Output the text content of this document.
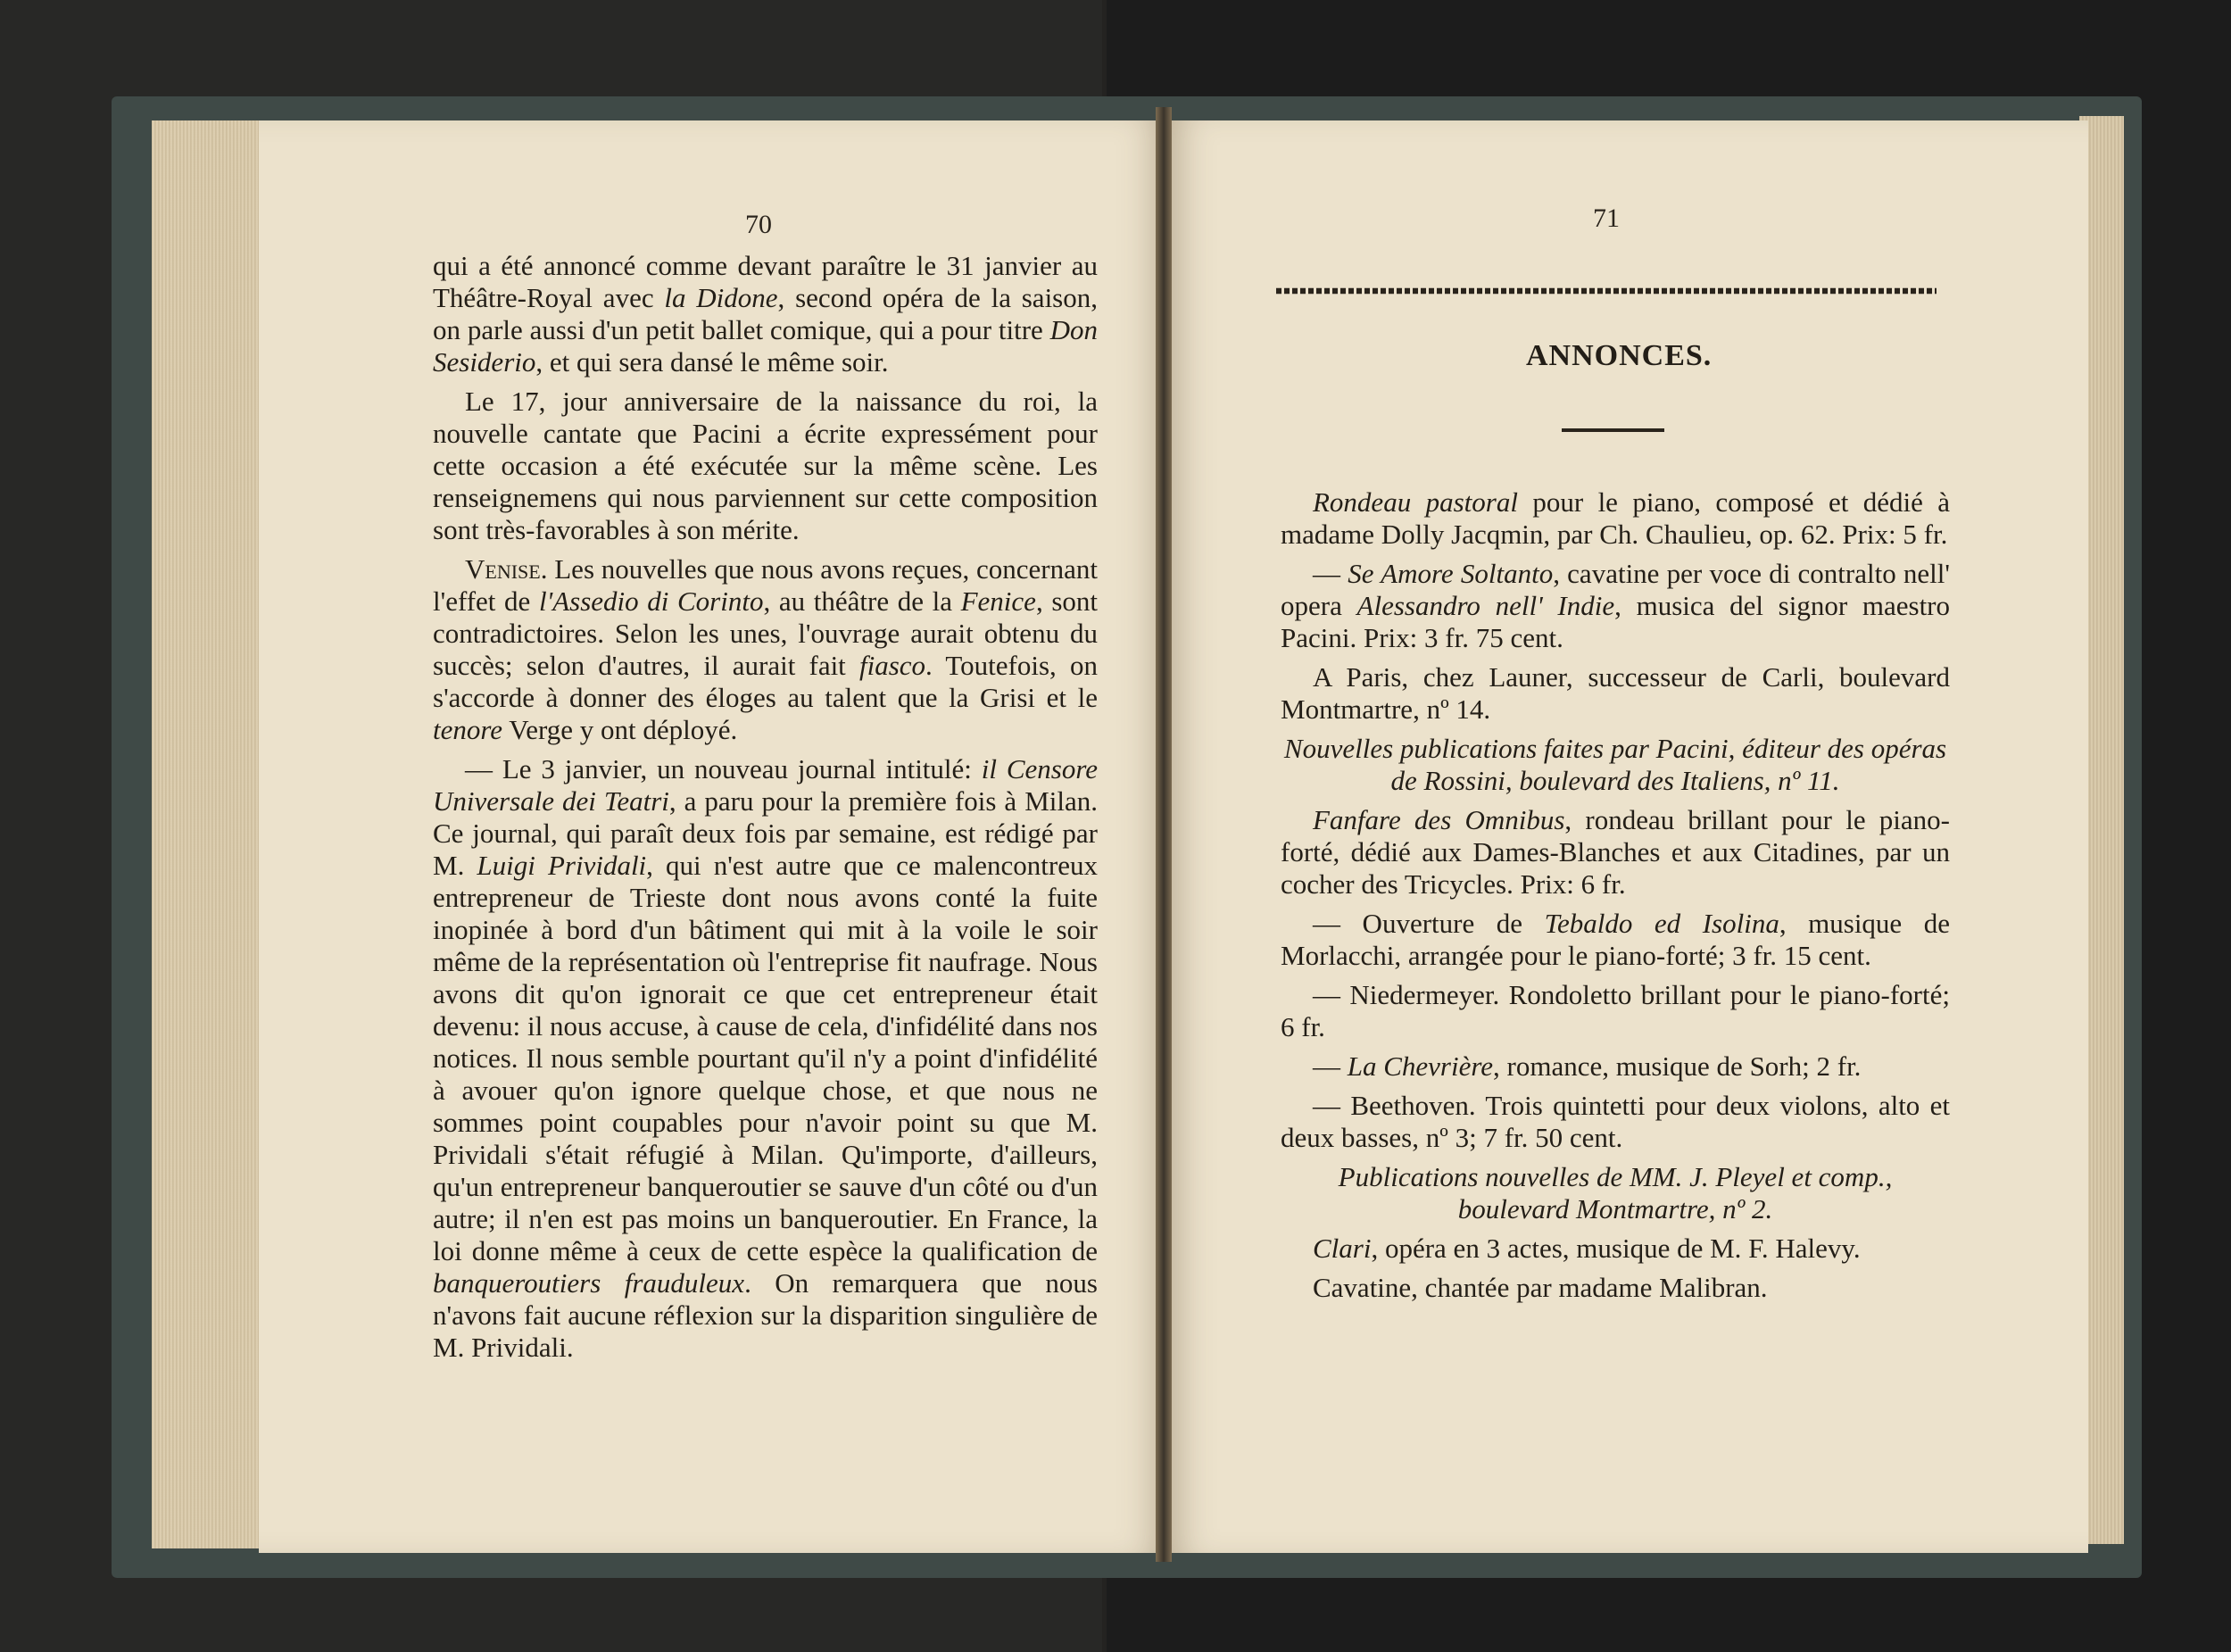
70	71

qui a été annoncé comme devant paraître le 31 janvier au Théâtre-Royal avec la Didone, second opéra de la saison, on parle aussi d'un petit ballet comique, qui a pour titre Don Sesiderio, et qui sera dansé le même soir.

Le 17, jour anniversaire de la naissance du roi, la nouvelle cantate que Pacini a écrite expressément pour cette occasion a été exécutée sur la même scène. Les renseignemens qui nous parviennent sur cette composition sont très-favorables à son mérite.

Venise. Les nouvelles que nous avons reçues, concernant l'effet de l'Assedio di Corinto, au théâtre de la Fenice, sont contradictoires. Selon les unes, l'ouvrage aurait obtenu du succès; selon d'autres, il aurait fait fiasco. Toutefois, on s'accorde à donner des éloges au talent que la Grisi et le tenore Verge y ont déployé.

— Le 3 janvier, un nouveau journal intitulé: il Censore Universale dei Teatri, a paru pour la première fois à Milan. Ce journal, qui paraît deux fois par semaine, est rédigé par M. Luigi Prividali, qui n'est autre que ce malencontreux entrepreneur de Trieste dont nous avons conté la fuite inopinée à bord d'un bâtiment qui mit à la voile le soir même de la représentation où l'entreprise fit naufrage. Nous avons dit qu'on ignorait ce que cet entrepreneur était devenu: il nous accuse, à cause de cela, d'infidélité dans nos notices. Il nous semble pourtant qu'il n'y a point d'infidélité à avouer qu'on ignore quelque chose, et que nous ne sommes point coupables pour n'avoir point su que M. Prividali s'était réfugié à Milan. Qu'importe, d'ailleurs, qu'un entrepreneur banqueroutier se sauve d'un côté ou d'un autre; il n'en est pas moins un banqueroutier. En France, la loi donne même à ceux de cette espèce la qualification de banqueroutiers frauduleux. On remarquera que nous n'avons fait aucune réflexion sur la disparition singulière de M. Prividali.

ANNONCES.

Rondeau pastoral pour le piano, composé et dédié à madame Dolly Jacqmin, par Ch. Chaulieu, op. 62. Prix: 5 fr.

— Se Amore Soltanto, cavatine per voce di contralto nell' opera Alessandro nell' Indie, musica del signor maestro Pacini. Prix: 3 fr. 75 cent.

A Paris, chez Launer, successeur de Carli, boulevard Montmartre, nº 14.

Nouvelles publications faites par Pacini, éditeur des opéras de Rossini, boulevard des Italiens, nº 11.

Fanfare des Omnibus, rondeau brillant pour le piano-forté, dédié aux Dames-Blanches et aux Citadines, par un cocher des Tricycles. Prix: 6 fr.

— Ouverture de Tebaldo ed Isolina, musique de Morlacchi, arrangée pour le piano-forté; 3 fr. 15 cent.

— Niedermeyer. Rondoletto brillant pour le piano-forté; 6 fr.

— La Chevrière, romance, musique de Sorh; 2 fr.

— Beethoven. Trois quintetti pour deux violons, alto et deux basses, nº 3; 7 fr. 50 cent.

Publications nouvelles de MM. J. Pleyel et comp., boulevard Montmartre, nº 2.

Clari, opéra en 3 actes, musique de M. F. Halevy.

Cavatine, chantée par madame Malibran.
